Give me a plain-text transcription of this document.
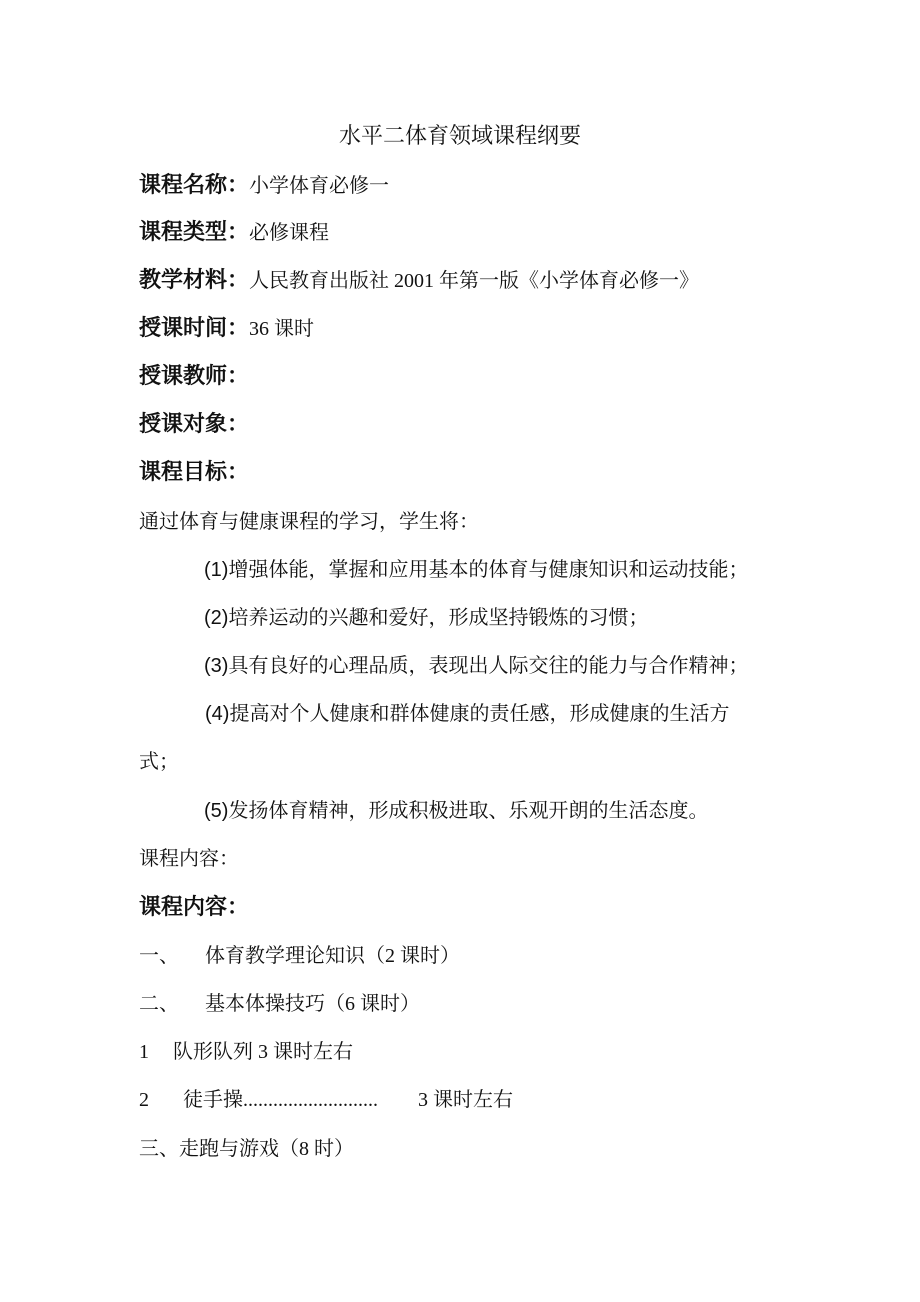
水平二体育领域课程纲要
课程名称：小学体育必修一
课程类型：必修课程
教学材料：人民教育出版社 2001 年第一版《小学体育必修一》
授课时间：36 课时
授课教师：
授课对象：
课程目标：
通过体育与健康课程的学习，学生将：
(1)增强体能，掌握和应用基本的体育与健康知识和运动技能；
(2)培养运动的兴趣和爱好，形成坚持锻炼的习惯；
(3)具有良好的心理品质，表现出人际交往的能力与合作精神；
(4)提高对个人健康和群体健康的责任感，形成健康的生活方
式；
(5)发扬体育精神，形成积极进取、乐观开朗的生活态度。
课程内容：
课程内容：
一、 体育教学理论知识（2 课时）
二、 基本体操技巧（6 课时）
1 队形队列 3 课时左右
2 徒手操........................... 3 课时左右
三、走跑与游戏（8 时）
